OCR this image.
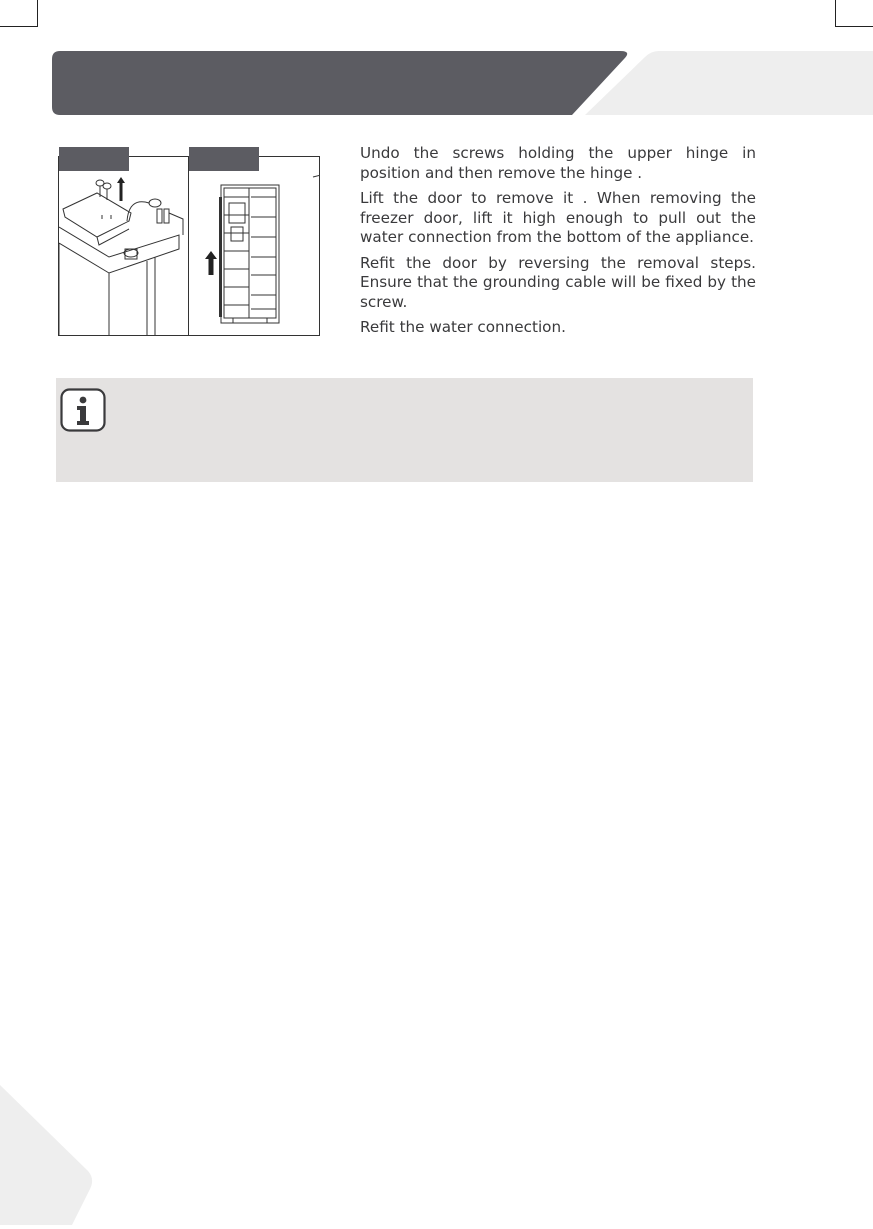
Undo the screws holding the upper hinge in position and then remove the hinge .

Lift the door to remove it . When removing the freezer door, lift it high enough to pull out the water connection from the bottom of the appliance.

Refit the door by reversing the removal steps. Ensure that the grounding cable will be fixed by the screw.

Refit the water connection.
